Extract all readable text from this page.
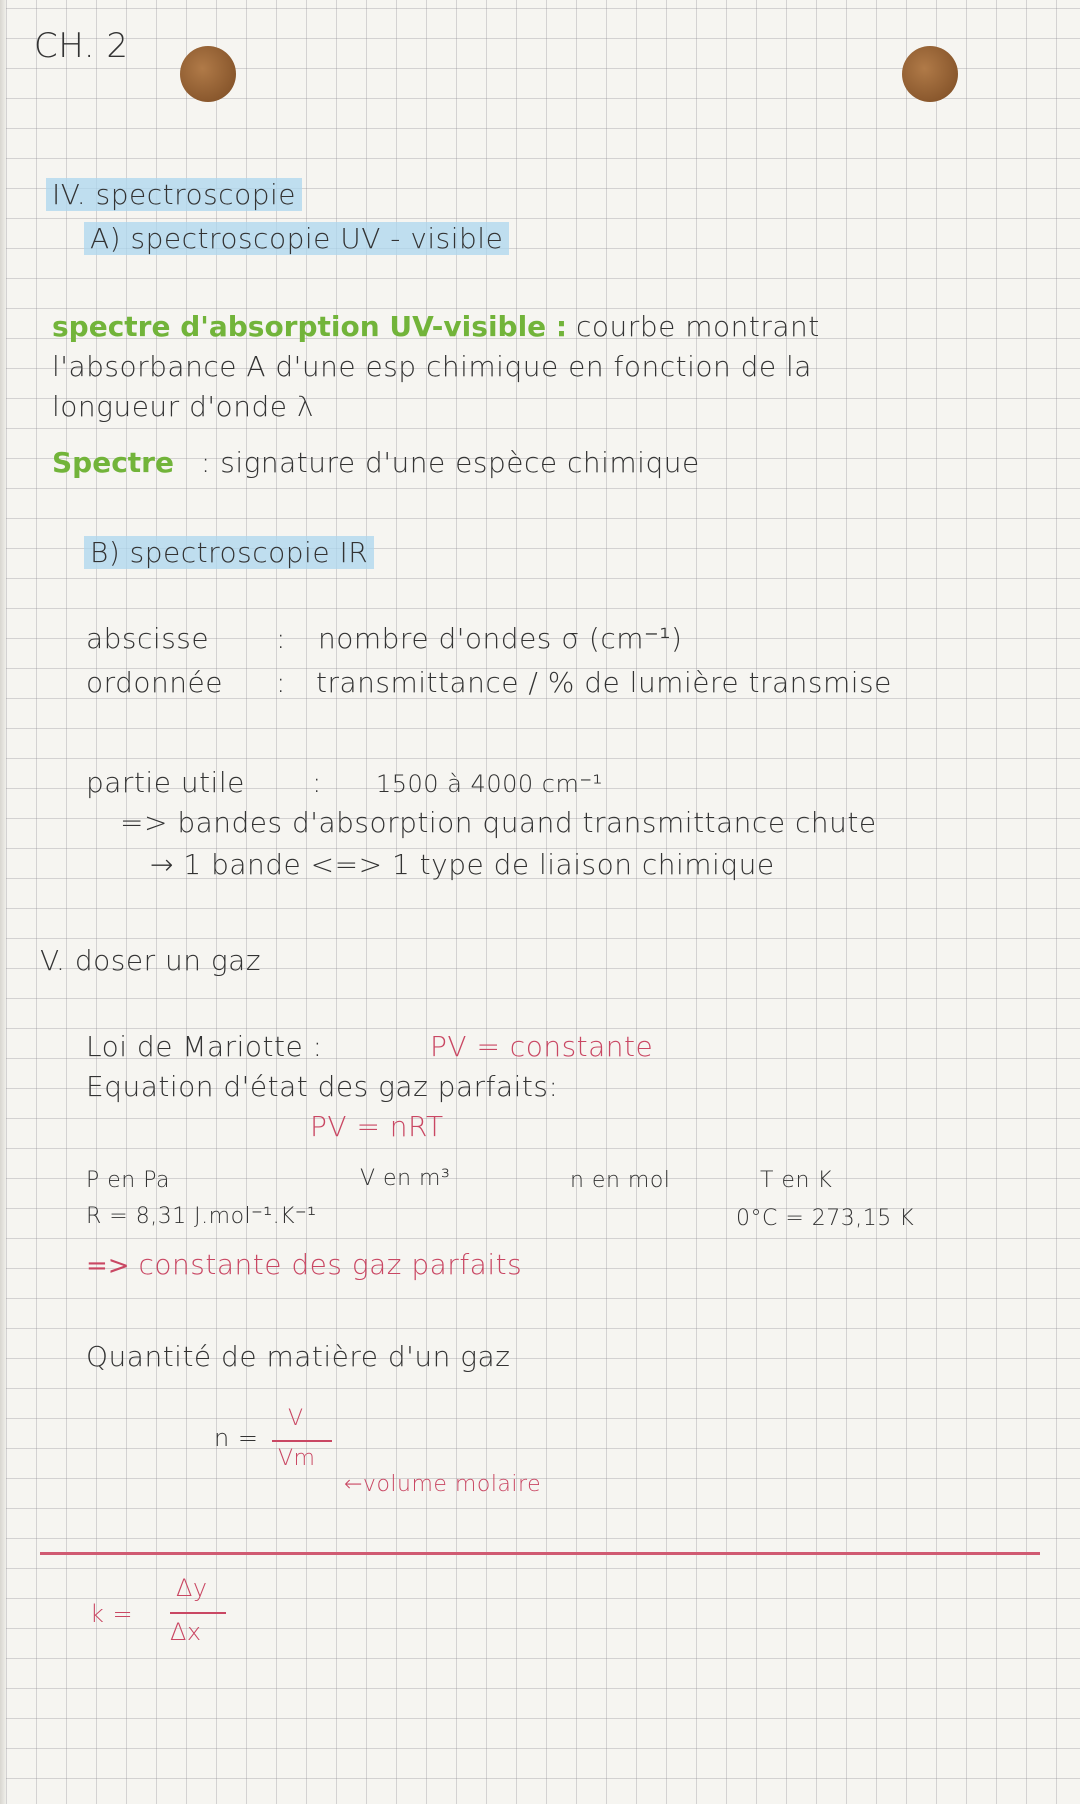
CH. 2
IV. spectroscopie
A) spectroscopie UV - visible
spectre d'absorption UV-visible : courbe montrant
l'absorbance A d'une esp chimique en fonction de la
longueur d'onde λ
Spectre : signature d'une espèce chimique
B) spectroscopie IR
abscisse : nombre d'ondes σ (cm⁻¹)
ordonnée : transmittance / % de lumière transmise
partie utile : 1500 à 4000 cm⁻¹
=> bandes d'absorption quand transmittance chute
→ 1 bande <=> 1 type de liaison chimique
V. doser un gaz
Loi de Mariotte :	PV = constante
Equation d'état des gaz parfaits:
PV = nRT
P en Pa	V en m³	n en mol	T en K
R = 8,31 J.mol⁻¹.K⁻¹	0°C = 273,15 K
=> constante des gaz parfaits
Quantité de matière d'un gaz
n =
V
Vm
←volume molaire
k =
Δy
Δx
